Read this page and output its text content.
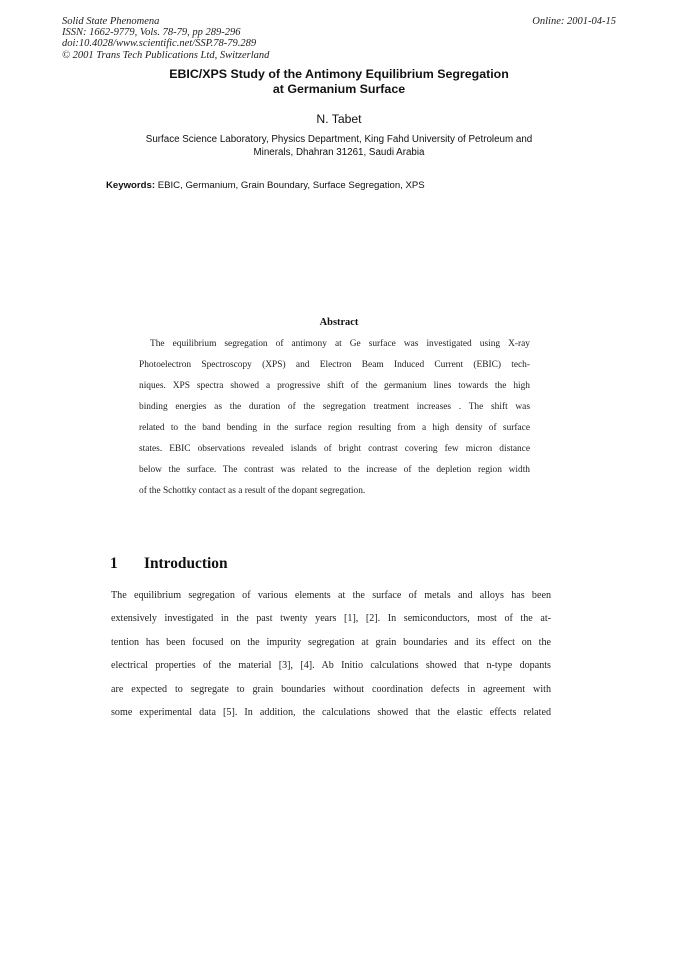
Solid State Phenomena
ISSN: 1662-9779, Vols. 78-79, pp 289-296
doi:10.4028/www.scientific.net/SSP.78-79.289
© 2001 Trans Tech Publications Ltd, Switzerland
Online: 2001-04-15
EBIC/XPS Study of the Antimony Equilibrium Segregation
at Germanium Surface
N. Tabet
Surface Science Laboratory, Physics Department, King Fahd University of Petroleum and
Minerals, Dhahran 31261, Saudi Arabia
Keywords: EBIC, Germanium, Grain Boundary, Surface Segregation, XPS
Abstract
The equilibrium segregation of antimony at Ge surface was investigated using X-ray
Photoelectron Spectroscopy (XPS) and Electron Beam Induced Current (EBIC) tech-
niques. XPS spectra showed a progressive shift of the germanium lines towards the high
binding energies as the duration of the segregation treatment increases . The shift was
related to the band bending in the surface region resulting from a high density of surface
states. EBIC observations revealed islands of bright contrast covering few micron distance
below the surface. The contrast was related to the increase of the depletion region width
of the Schottky contact as a result of the dopant segregation.
1 Introduction
The equilibrium segregation of various elements at the surface of metals and alloys has been
extensively investigated in the past twenty years [1], [2]. In semiconductors, most of the at-
tention has been focused on the impurity segregation at grain boundaries and its effect on the
electrical properties of the material [3], [4]. Ab Initio calculations showed that n-type dopants
are expected to segregate to grain boundaries without coordination defects in agreement with
some experimental data [5]. In addition, the calculations showed that the elastic effects related
